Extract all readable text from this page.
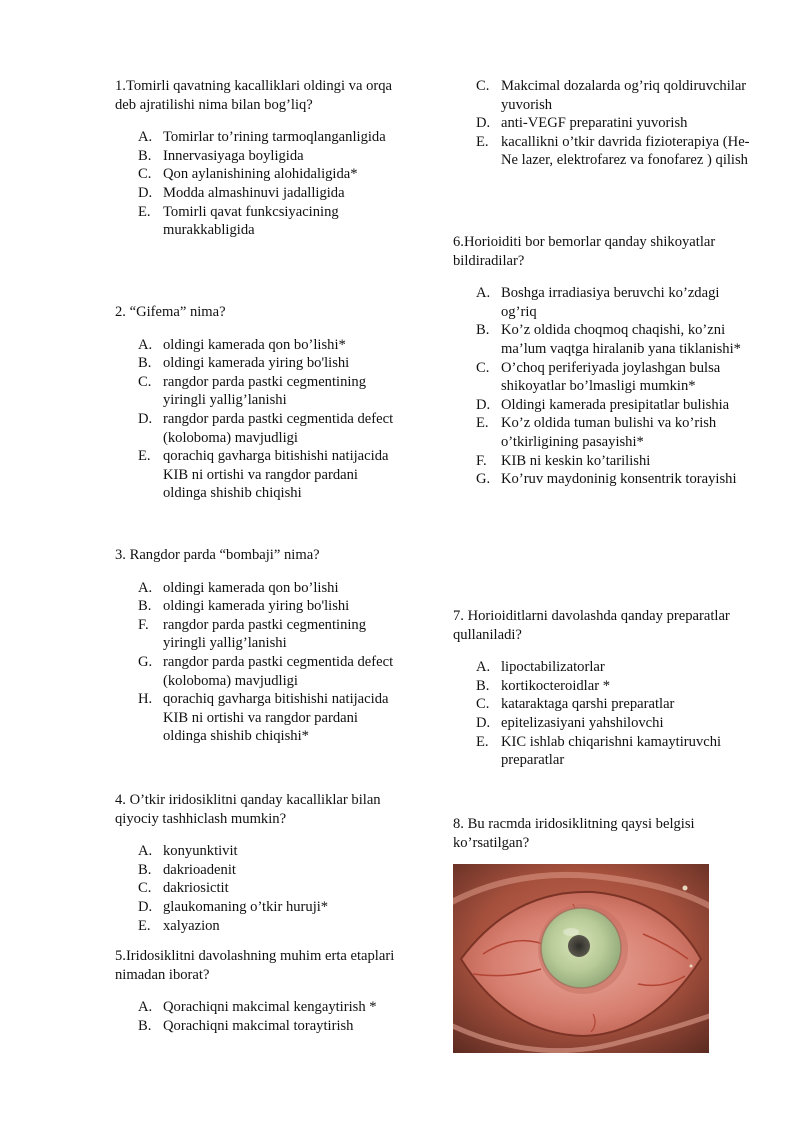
1.Tomirli qavatning kacalliklari oldingi va orqa deb ajratilishi nima bilan bog’liq?

A. Tomirlar to’rining tarmoqlanganligida
B. Innervasiyaga boyligida
C. Qon aylanishining alohidaligida*
D. Modda almashinuvi jadalligida
E. Tomirli qavat funkcsiyacining murakkabligida

2. “Gifema” nima?

A. oldingi kamerada qon bo’lishi*
B. oldingi kamerada yiring bo'lishi
C. rangdor parda pastki cegmentining yiringli yallig’lanishi
D. rangdor parda pastki cegmentida defect (koloboma) mavjudligi
E. qorachiq gavharga bitishishi natijacida KIB ni ortishi va rangdor pardani oldinga shishib chiqishi

3. Rangdor parda “bombaji” nima?

A. oldingi kamerada qon bo’lishi
B. oldingi kamerada yiring bo'lishi
F. rangdor parda pastki cegmentining yiringli yallig’lanishi
G. rangdor parda pastki cegmentida defect (koloboma) mavjudligi
H. qorachiq gavharga bitishishi natijacida KIB ni ortishi va rangdor pardani oldinga shishib chiqishi*

4. O’tkir iridosiklitni qanday kacalliklar bilan qiyociy tashhiclash mumkin?

A. konyunktivit
B. dakrioadenit
C. dakriosictit
D. glaukomaning o’tkir huruji*
E. xalyazion

5.Iridosiklitni davolashning muhim erta etaplari nimadan iborat?

A. Qorachiqni makcimal kengaytirish *
B. Qorachiqni makcimal toraytirish
C. Makcimal dozalarda og’riq qoldiruvchilar yuvorish
D. anti-VEGF preparatini yuvorish
E. kacallikni o’tkir davrida fizioterapiya (He-Ne lazer, elektrofarez va fonofarez ) qilish

6.Horioiditi bor bemorlar qanday shikoyatlar bildiradilar?

A. Boshga irradiasiya beruvchi ko’zdagi og’riq
B. Ko’z oldida choqmoq chaqishi, ko’zni ma’lum vaqtga hiralanib yana tiklanishi*
C. O’choq periferiyada joylashgan bulsa shikoyatlar bo’lmasligi mumkin*
D. Oldingi kamerada presipitatlar bulishia
E. Ko’z oldida tuman bulishi va ko’rish o’tkirligining pasayishi*
F. KIB ni keskin ko’tarilishi
G. Ko’ruv maydoninig konsentrik torayishi

7. Horioiditlarni davolashda qanday preparatlar qullaniladi?

A. lipoctabilizatorlar
B. kortikocteroidlar *
C. kataraktaga qarshi preparatlar
D. epitelizasiyani yahshilovchi
E. KIC ishlab chiqarishni kamaytiruvchi preparatlar

8. Bu racmda iridosiklitning qaysi belgisi ko’rsatilgan?
